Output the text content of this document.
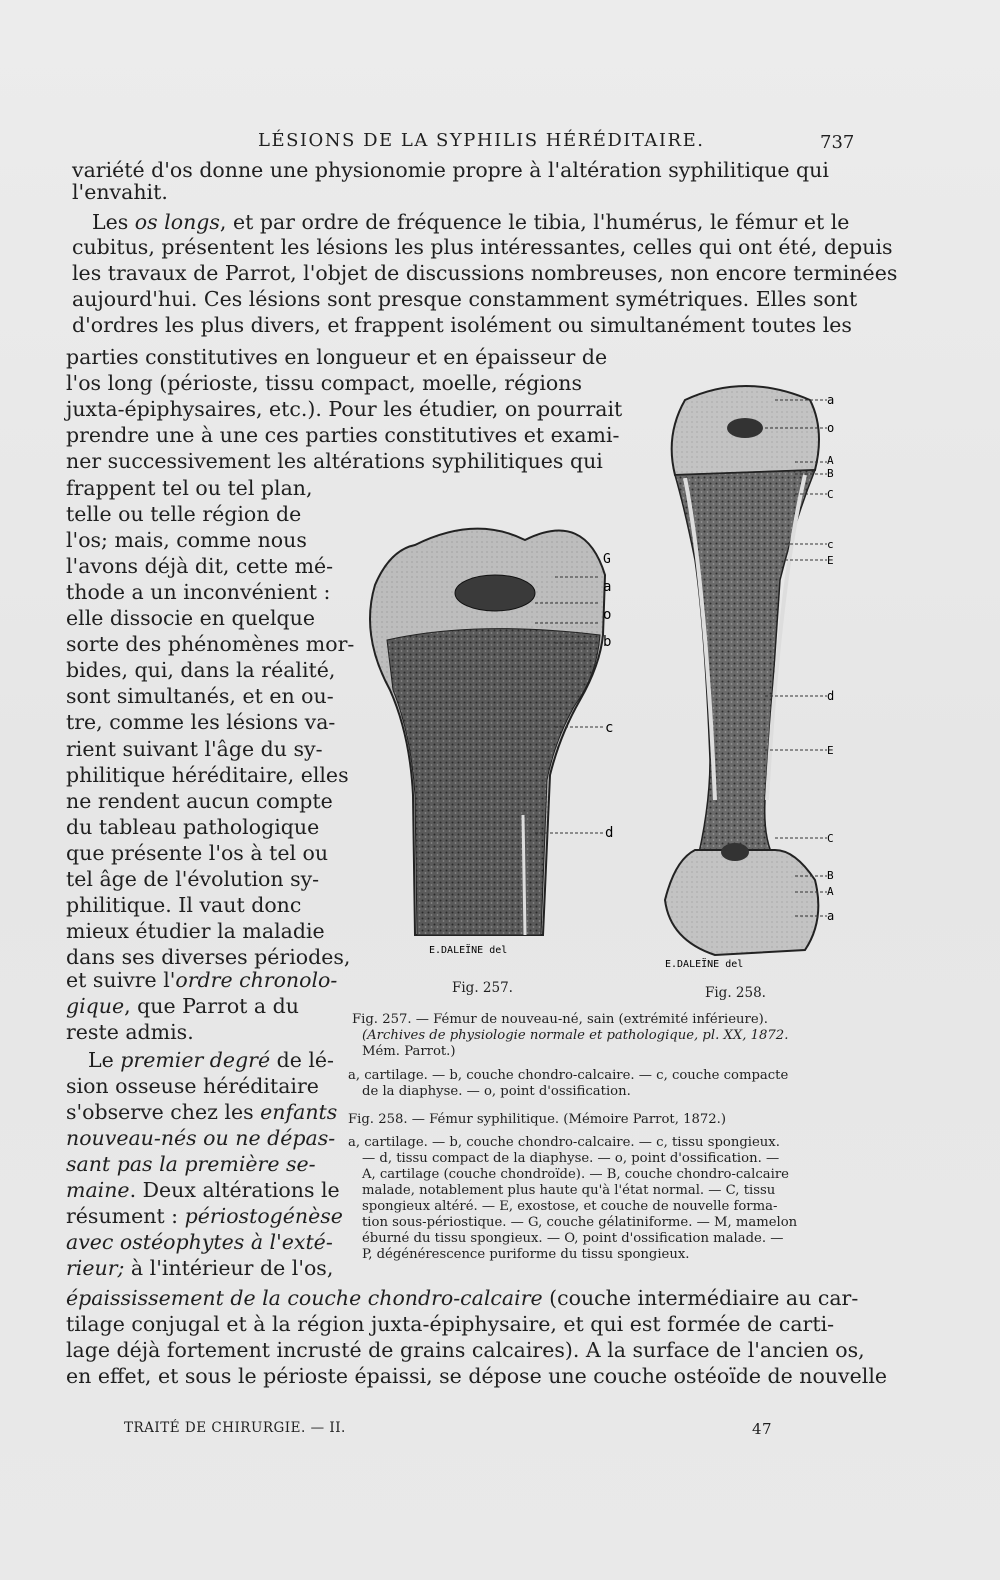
LÉSIONS DE LA SYPHILIS HÉRÉDITAIRE.	737
variété d'os donne une physionomie propre à l'altération syphilitique qui
l'envahit.
Les os longs, et par ordre de fréquence le tibia, l'humérus, le fémur et le
cubitus, présentent les lésions les plus intéressantes, celles qui ont été, depuis
les travaux de Parrot, l'objet de discussions nombreuses, non encore terminées
aujourd'hui. Ces lésions sont presque constamment symétriques. Elles sont
d'ordres les plus divers, et frappent isolément ou simultanément toutes les
parties constitutives en longueur et en épaisseur de
l'os long (périoste, tissu compact, moelle, régions
juxta-épiphysaires, etc.). Pour les étudier, on pourrait
prendre une à une ces parties constitutives et exami-
ner successivement les altérations syphilitiques qui
frappent tel ou tel plan,
telle ou telle région de
l'os; mais, comme nous
l'avons déjà dit, cette mé-
thode a un inconvénient :
elle dissocie en quelque
sorte des phénomènes mor-
bides, qui, dans la réalité,
sont simultanés, et en ou-
tre, comme les lésions va-
rient suivant l'âge du sy-
philitique héréditaire, elles
ne rendent aucun compte
du tableau pathologique
que présente l'os à tel ou
tel âge de l'évolution sy-
philitique. Il vaut donc
mieux étudier la maladie
dans ses diverses périodes,
et suivre l'ordre chronolo-
gique, que Parrot a du
reste admis.
Le premier degré de lé-
sion osseuse héréditaire
s'observe chez les enfants
nouveau-nés ou ne dépas-
sant pas la première se-
maine. Deux altérations le
résument : périostogénèse
avec ostéophytes à l'exté-
rieur; à l'intérieur de l'os,
épaississement de la couche chondro-calcaire (couche intermédiaire au car-
tilage conjugal et à la région juxta-épiphysaire, et qui est formée de carti-
lage déjà fortement incrusté de grains calcaires). A la surface de l'ancien os,
en effet, et sous le périoste épaissi, se dépose une couche ostéoïde de nouvelle
G
a
o
b
c
d
E.DALEÏNE del
Fig. 257.
a
o
A
B
C
c
E
d
E
C
B
A
a
E.DALEÏNE del
Fig. 258.
Fig. 257. — Fémur de nouveau-né, sain (extrémité inférieure).
(Archives de physiologie normale et pathologique, pl. XX, 1872.
Mém. Parrot.)
a, cartilage. — b, couche chondro-calcaire. — c, couche compacte
de la diaphyse. — o, point d'ossification.
Fig. 258. — Fémur syphilitique. (Mémoire Parrot, 1872.)
a, cartilage. — b, couche chondro-calcaire. — c, tissu spongieux.
— d, tissu compact de la diaphyse. — o, point d'ossification. —
A, cartilage (couche chondroïde). — B, couche chondro-calcaire
malade, notablement plus haute qu'à l'état normal. — C, tissu
spongieux altéré. — E, exostose, et couche de nouvelle forma-
tion sous-périostique. — G, couche gélatiniforme. — M, mamelon
éburné du tissu spongieux. — O, point d'ossification malade. —
P, dégénérescence puriforme du tissu spongieux.
TRAITÉ DE CHIRURGIE. — II.	47
